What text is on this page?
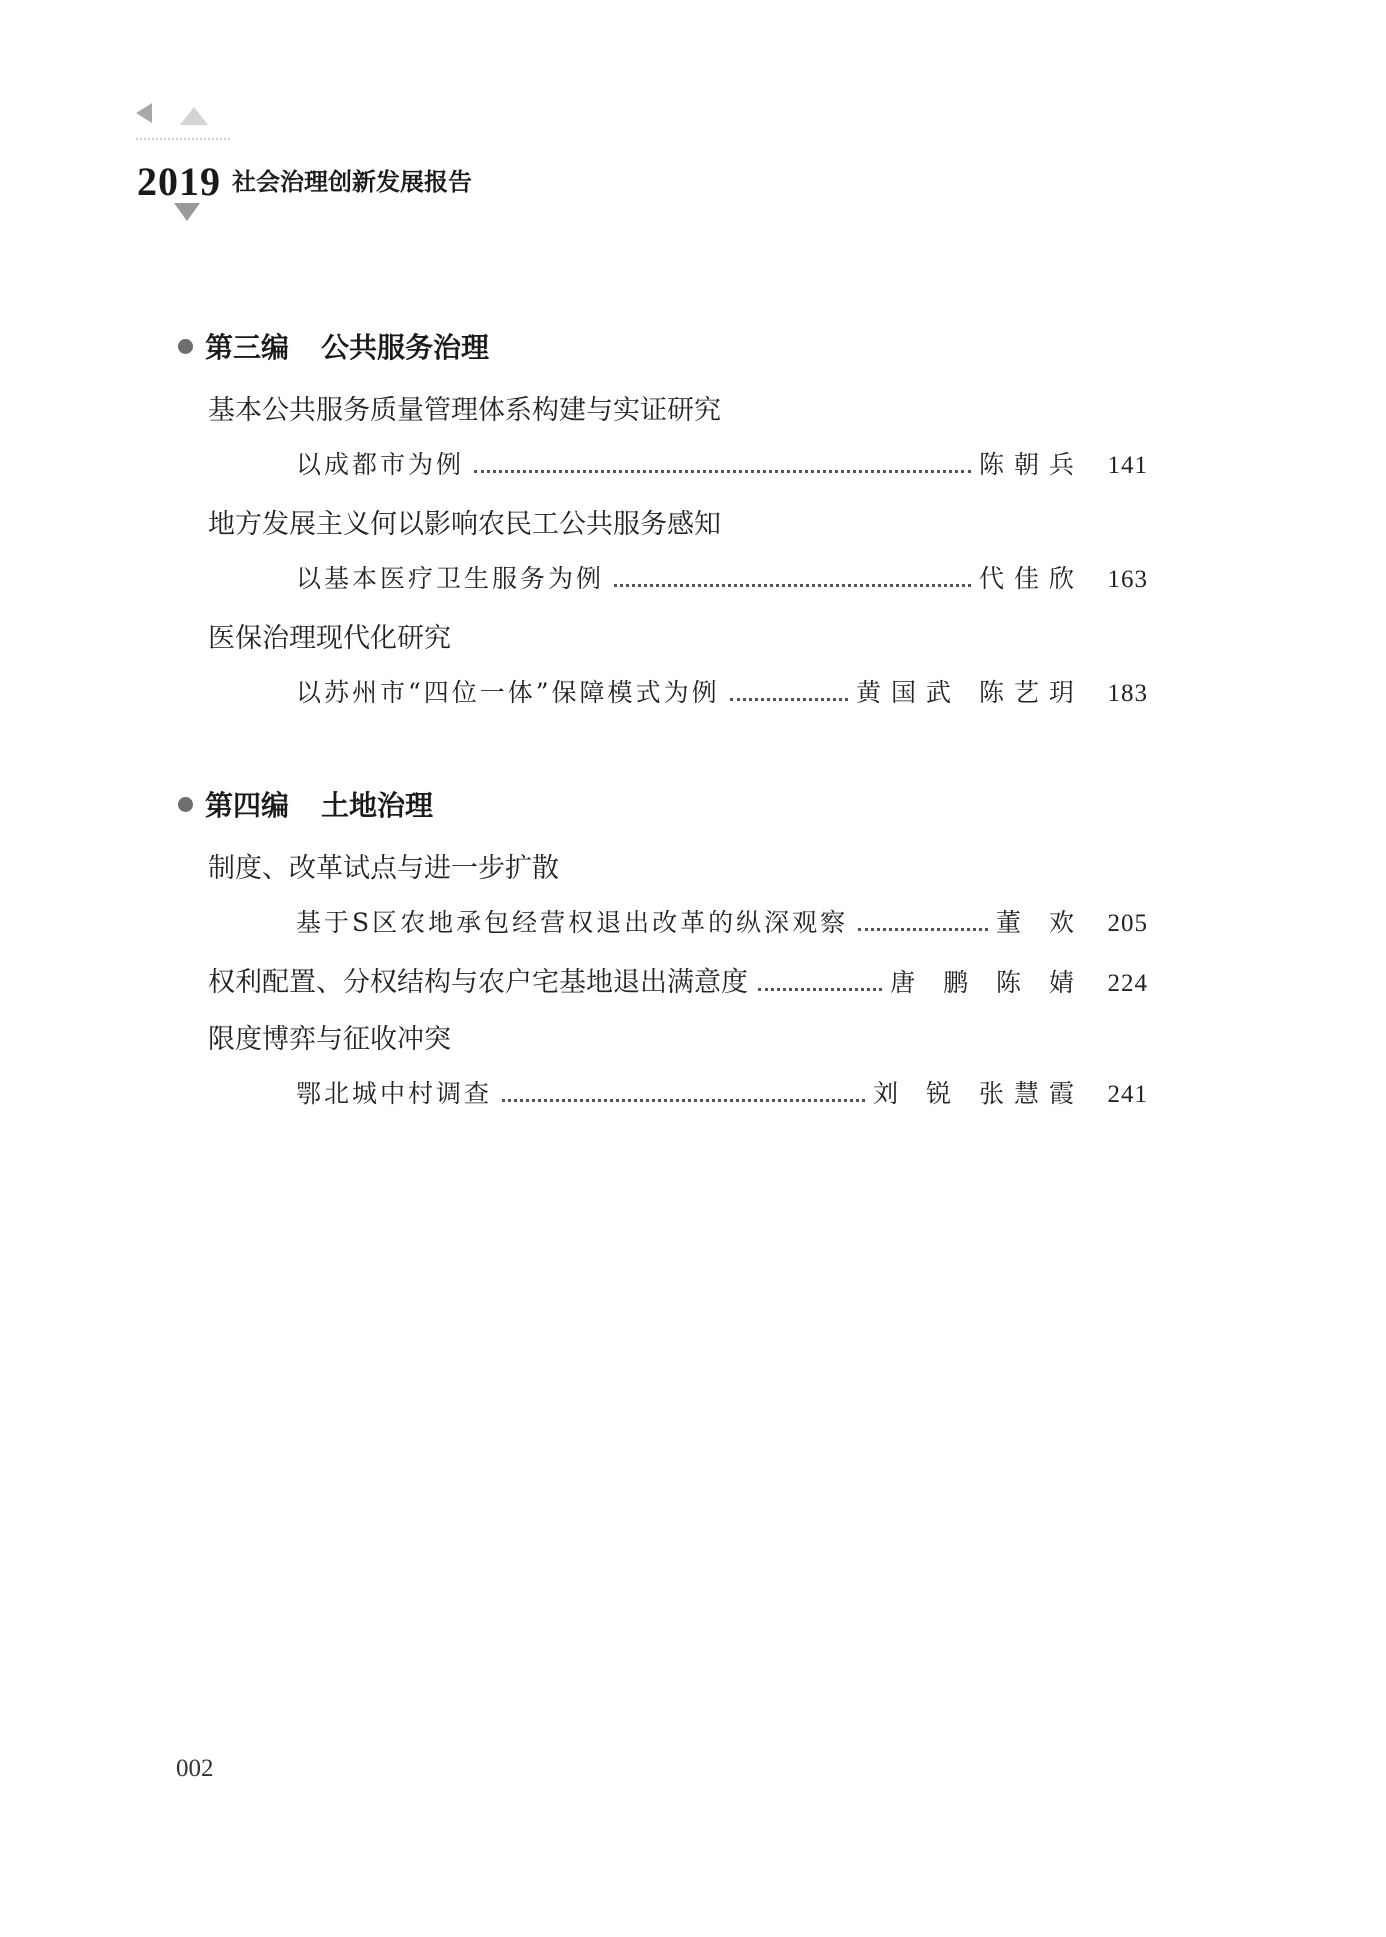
2019 社会治理创新发展报告
第三编 公共服务治理
基本公共服务质量管理体系构建与实证研究
以成都市为例	陈朝兵 141
地方发展主义何以影响农民工公共服务感知
以基本医疗卫生服务为例	代佳欣 163
医保治理现代化研究
以苏州市“四位一体”保障模式为例	黄国武 陈艺玥 183
第四编 土地治理
制度、改革试点与进一步扩散
基于S区农地承包经营权退出改革的纵深观察	董 欢 205
权利配置、分权结构与农户宅基地退出满意度	唐 鹏 陈 婧 224
限度博弈与征收冲突
鄂北城中村调查	刘 锐 张慧霞 241
002
